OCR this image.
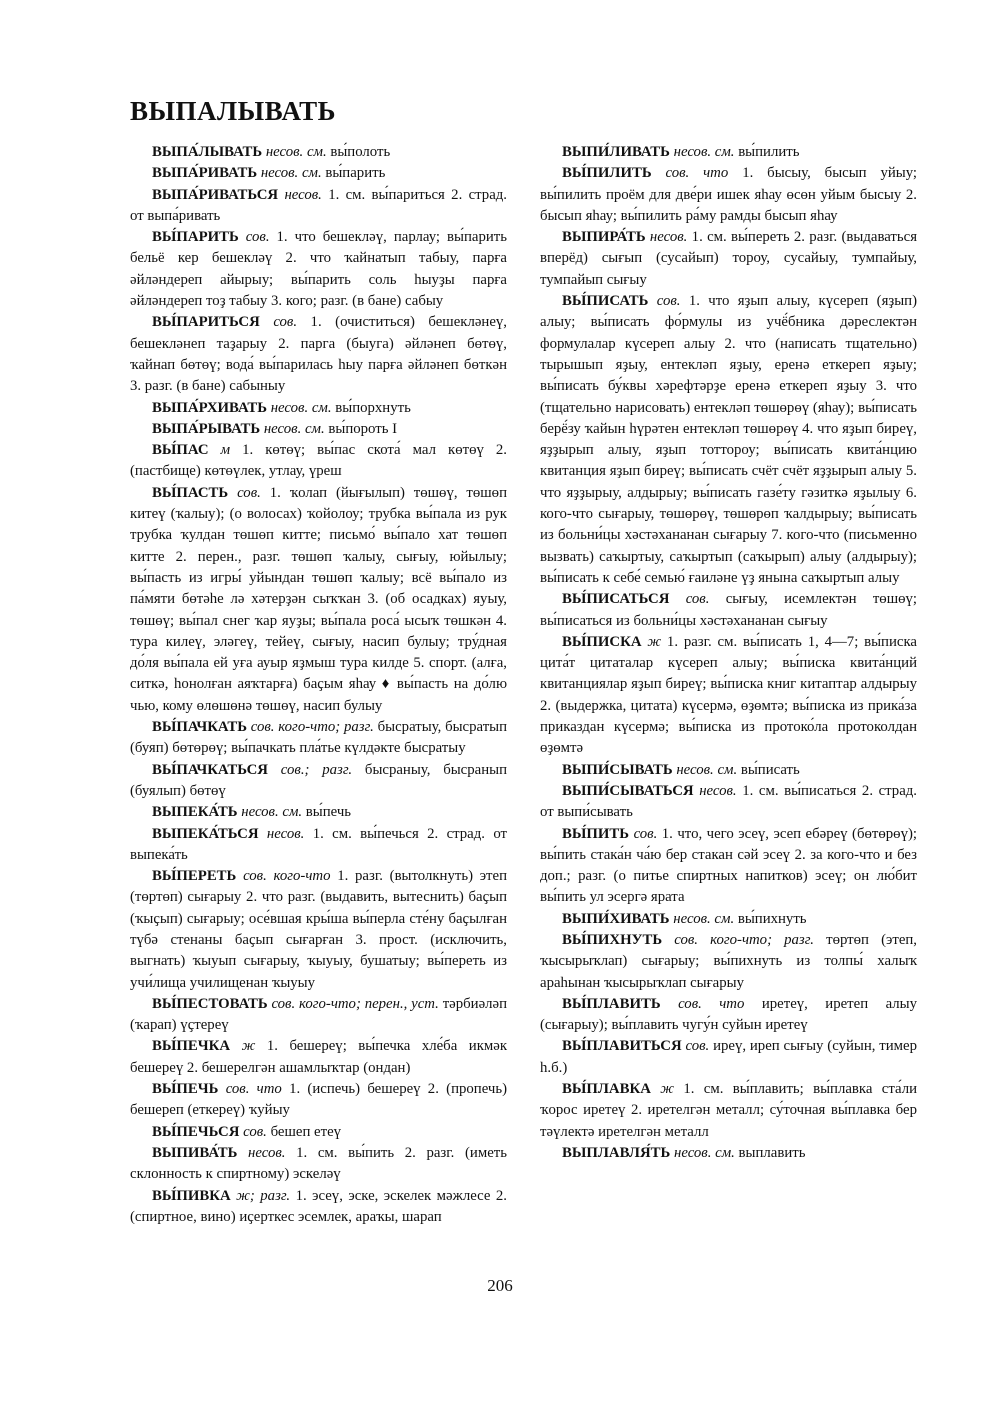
ВЫПАЛЫВАТЬ

ВЫПА́ЛЫВАТЬ несов. см. вы́полоть

ВЫПА́РИВАТЬ несов. см. вы́парить

ВЫПА́РИВАТЬСЯ несов. 1. см. вы́париться 2. страд. от выпа́ривать

ВЫ́ПАРИТЬ сов. 1. что бешекләү, парлау; вы́парить бельё кер бешекләү 2. что ҡайнатып табыу, парға әйләндереп айырыу; вы́парить соль һыуҙы парға әйләндереп тоҙ табыу 3. кого; разг. (в бане) сабыу

ВЫ́ПАРИТЬСЯ сов. 1. (очиститься) бешекләнеү, бешекләнеп таҙарыу 2. парга (быуга) әйләнеп бөтөү, ҡайнап бөтөү; вода́ вы́парилась һыу парға әйләнеп бөткән 3. разг. (в бане) сабыныу

ВЫПА́РХИВАТЬ несов. см. вы́порхнуть

ВЫПА́РЫВАТЬ несов. см. вы́пороть I

ВЫ́ПАС м 1. көтөү; вы́пас скота́ мал көтөү 2. (пастбище) көтөүлек, утлау, үреш

ВЫ́ПАСТЬ сов. 1. ҡолап (йығылып) төшөү, төшөп китеү (ҡалыу); (о волосах) ҡойолоу; трубка вы́пала из рук трубка ҡулдан төшөп китте; письмо́ вы́пало хат төшөп китте 2. перен., разг. төшөп ҡалыу, сығыу, юйылыу; вы́пасть из игры́ уйындан төшөп ҡалыу; всё вы́пало из па́мяти бөтәһе лә хәтерҙән сыҡҡан 3. (об осадках) яуыу, төшөү; вы́пал снег ҡар яуҙы; вы́пала роса́ ысыҡ төшкән 4. тура килеү, эләгеү, тейеү, сығыу, насип булыу; тру́дная до́ля вы́пала ей уға ауыр яҙмыш тура килде 5. спорт. (алға, ситкә, һонолған аяҡтарға) баҫым яһау ♦ вы́пасть на до́лю чью, кому өлөшөнә төшөү, насип булыу

ВЫ́ПАЧКАТЬ сов. кого-что; разг. бысратыу, бысратып (буяп) бөтөрөү; вы́пачкать пла́тье күлдәкте бысратыу

ВЫ́ПАЧКАТЬСЯ сов.; разг. бысраныу, бысранып (буялып) бөтөү

ВЫПЕКА́ТЬ несов. см. вы́печь

ВЫПЕКА́ТЬСЯ несов. 1. см. вы́печься 2. страд. от выпека́ть

ВЫ́ПЕРЕТЬ сов. кого-что 1. разг. (вытолкнуть) этеп (төртөп) сығарыу 2. что разг. (выдавить, вытеснить) баҫып (ҡыҫып) сығарыу; осе́вшая кры́ша вы́перла сте́ну баҫылған түбә стенаны баҫып сығарған 3. прост. (исключить, выгнать) ҡыуып сығарыу, ҡыуыу, бушатыу; вы́переть из учи́лища училищенан ҡыуыу

ВЫ́ПЕСТОВАТЬ сов. кого-что; перен., уст. тәрбиәләп (ҡарап) үҫтереү

ВЫ́ПЕЧКА ж 1. бешереү; вы́печка хле́ба икмәк бешереү 2. бешерелгән ашамлыҡтар (ондан)

ВЫ́ПЕЧЬ сов. что 1. (испечь) бешереү 2. (пропечь) бешереп (еткереү) ҡуйыу

ВЫ́ПЕЧЬСЯ сов. бешеп етеү

ВЫПИВА́ТЬ несов. 1. см. вы́пить 2. разг. (иметь склонность к спиртному) эскеләү

ВЫ́ПИВКА ж; разг. 1. эсеү, эске, эскелек мәжлесе 2. (спиртное, вино) иҫерткес эсемлек, араҡы, шарап

ВЫПИ́ЛИВАТЬ несов. см. вы́пилить

ВЫ́ПИЛИТЬ сов. что 1. бысыу, бысып уйыу; вы́пилить проём для две́ри ишек яһау өсөн уйым бысыу 2. бысып яһау; вы́пилить ра́му рамды бысып яһау

ВЫПИРА́ТЬ несов. 1. см. вы́переть 2. разг. (выдаваться вперёд) сығып (сусайып) тороу, сусайыу, тумпайыу, тумпайып сығыу

ВЫ́ПИСАТЬ сов. 1. что яҙып алыу, күсереп (яҙып) алыу; вы́писать фо́рмулы из учё́бника дәреслектән формулалар күсереп алыу 2. что (написать тщательно) тырышып яҙыу, ентекләп яҙыу, еренә еткереп яҙыу; вы́писать бу́квы хәрефтәрҙе еренә еткереп яҙыу 3. что (тщательно нарисовать) ентекләп төшөрөү (яһау); вы́писать берё́зу ҡайын һүрәтен ентекләп төшөрөү 4. что яҙып биреү, яҙҙырып алыу, яҙып тоттороу; вы́писать квита́нцию квитанция яҙып биреү; вы́писать счёт счёт яҙҙырып алыу 5. что яҙҙырыу, алдырыу; вы́писать газе́ту гәзиткә яҙылыу 6. кого-что сығарыу, төшөрөү, төшөрөп ҡалдырыу; вы́писать из больни́цы хәстәхананан сығарыу 7. кого-что (письменно вызвать) саҡыртыу, саҡыртып (саҡырып) алыу (алдырыу); вы́писать к себе́ семью́ ғаиләне үҙ янына саҡыртып алыу

ВЫ́ПИСАТЬСЯ сов. сығыу, исемлектән төшөү; вы́писаться из больни́цы хәстәхананан сығыу

ВЫ́ПИСКА ж 1. разг. см. вы́писать 1, 4—7; вы́писка цита́т цитаталар күсереп алыу; вы́писка квита́нций квитанциялар яҙып биреү; вы́писка книг китаптар алдырыу 2. (выдержка, цитата) күсермә, өҙөмтә; вы́писка из прика́за приказдан күсермә; вы́писка из протоко́ла протоколдан өҙөмтә

ВЫПИ́СЫВАТЬ несов. см. вы́писать

ВЫПИ́СЫВАТЬСЯ несов. 1. см. вы́писаться 2. страд. от выпи́сывать

ВЫ́ПИТЬ сов. 1. что, чего эсеү, эсеп ебәреү (бөтөрөү); вы́пить стака́н ча́ю бер стакан сәй эсеү 2. за кого-что и без доп.; разг. (о питье спиртных напитков) эсеү; он лю́бит вы́пить ул эсергә ярата

ВЫПИ́ХИВАТЬ несов. см. вы́пихнуть

ВЫ́ПИХНУТЬ сов. кого-что; разг. төртөп (этеп, ҡысырыҡлап) сығарыу; вы́пихнуть из толпы́ халыҡ араһынан ҡысырыҡлап сығарыу

ВЫ́ПЛАВИТЬ сов. что иретеү, иретеп алыу (сығарыу); вы́плавить чугу́н суйын иретеү

ВЫ́ПЛАВИТЬСЯ сов. иреү, иреп сығыу (суйын, тимер һ.б.)

ВЫ́ПЛАВКА ж 1. см. вы́плавить; вы́плавка ста́ли ҡорос иретеү 2. иретелгән металл; су́точная вы́плавка бер тәүлектә иретелгән металл

ВЫПЛАВЛЯ́ТЬ несов. см. выплавить

206
